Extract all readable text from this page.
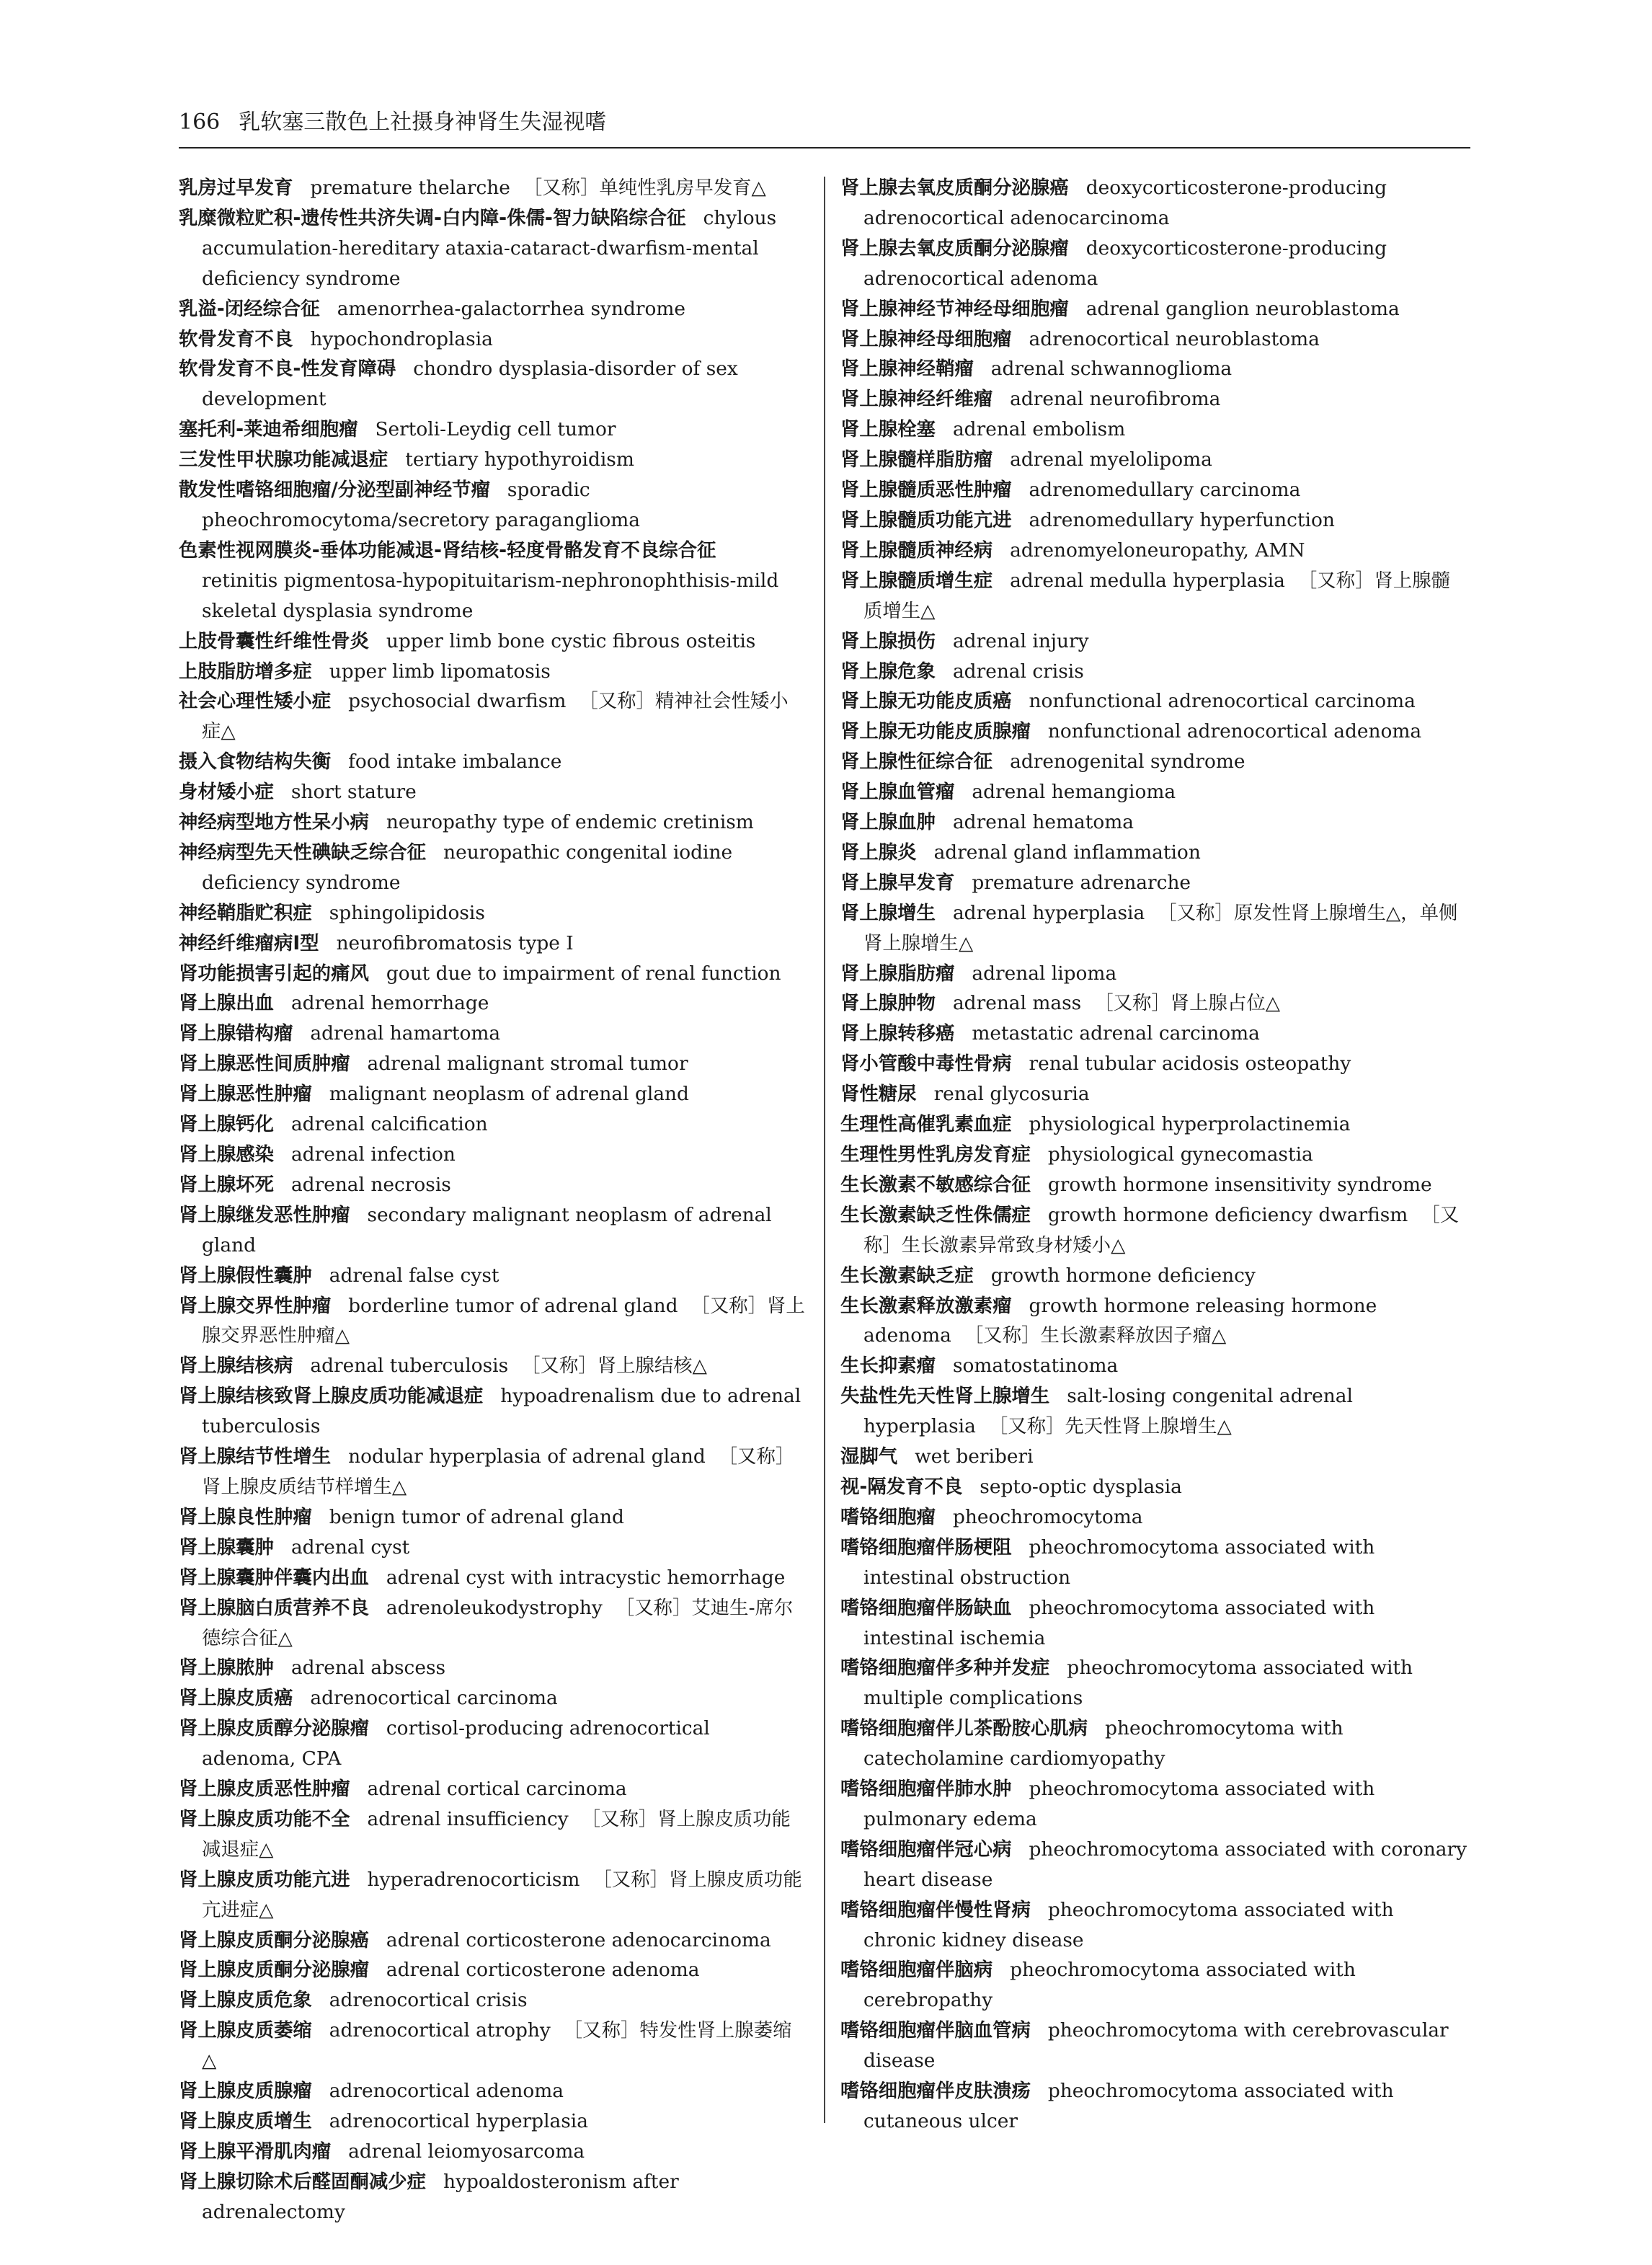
166 乳软塞三散色上社摄身神肾生失湿视嗜

乳房过早发育 premature thelarche ［又称］单纯性乳房早发育△

乳糜微粒贮积-遗传性共济失调-白内障-侏儒-智力缺陷综合征 chylous accumulation-hereditary ataxia-cataract-dwarfism-mental deficiency syndrome

乳溢-闭经综合征 amenorrhea-galactorrhea syndrome

软骨发育不良 hypochondroplasia

软骨发育不良-性发育障碍 chondro dysplasia-disorder of sex development

塞托利-莱迪希细胞瘤 Sertoli-Leydig cell tumor

三发性甲状腺功能减退症 tertiary hypothyroidism

散发性嗜铬细胞瘤/分泌型副神经节瘤 sporadic pheochromocytoma/secretory paraganglioma

色素性视网膜炎-垂体功能减退-肾结核-轻度骨骼发育不良综合征retinitis pigmentosa-hypopituitarism-nephronophthisis-mild skeletal dysplasia syndrome

上肢骨囊性纤维性骨炎 upper limb bone cystic fibrous osteitis

上肢脂肪增多症 upper limb lipomatosis

社会心理性矮小症 psychosocial dwarfism ［又称］精神社会性矮小症△

摄入食物结构失衡 food intake imbalance

身材矮小症 short stature

神经病型地方性呆小病 neuropathy type of endemic cretinism

神经病型先天性碘缺乏综合征 neuropathic congenital iodine deficiency syndrome

神经鞘脂贮积症 sphingolipidosis

神经纤维瘤病Ⅰ型 neurofibromatosis type Ⅰ

肾功能损害引起的痛风 gout due to impairment of renal function

肾上腺出血 adrenal hemorrhage

肾上腺错构瘤 adrenal hamartoma

肾上腺恶性间质肿瘤 adrenal malignant stromal tumor

肾上腺恶性肿瘤 malignant neoplasm of adrenal gland

肾上腺钙化 adrenal calcification

肾上腺感染 adrenal infection

肾上腺坏死 adrenal necrosis

肾上腺继发恶性肿瘤 secondary malignant neoplasm of adrenal gland

肾上腺假性囊肿 adrenal false cyst

肾上腺交界性肿瘤 borderline tumor of adrenal gland ［又称］肾上腺交界恶性肿瘤△

肾上腺结核病 adrenal tuberculosis ［又称］肾上腺结核△

肾上腺结核致肾上腺皮质功能减退症 hypoadrenalism due to adrenal tuberculosis

肾上腺结节性增生 nodular hyperplasia of adrenal gland ［又称］肾上腺皮质结节样增生△

肾上腺良性肿瘤 benign tumor of adrenal gland

肾上腺囊肿 adrenal cyst

肾上腺囊肿伴囊内出血 adrenal cyst with intracystic hemorrhage

肾上腺脑白质营养不良 adrenoleukodystrophy ［又称］艾迪生-席尔德综合征△

肾上腺脓肿 adrenal abscess

肾上腺皮质癌 adrenocortical carcinoma

肾上腺皮质醇分泌腺瘤 cortisol-producing adrenocortical adenoma, CPA

肾上腺皮质恶性肿瘤 adrenal cortical carcinoma

肾上腺皮质功能不全 adrenal insufficiency ［又称］肾上腺皮质功能减退症△

肾上腺皮质功能亢进 hyperadrenocorticism ［又称］肾上腺皮质功能亢进症△

肾上腺皮质酮分泌腺癌 adrenal corticosterone adenocarcinoma

肾上腺皮质酮分泌腺瘤 adrenal corticosterone adenoma

肾上腺皮质危象 adrenocortical crisis

肾上腺皮质萎缩 adrenocortical atrophy ［又称］特发性肾上腺萎缩△

肾上腺皮质腺瘤 adrenocortical adenoma

肾上腺皮质增生 adrenocortical hyperplasia

肾上腺平滑肌肉瘤 adrenal leiomyosarcoma

肾上腺切除术后醛固酮减少症 hypoaldosteronism after adrenalectomy

肾上腺去氧皮质酮分泌腺癌 deoxycorticosterone-producing adrenocortical adenocarcinoma

肾上腺去氧皮质酮分泌腺瘤 deoxycorticosterone-producing adrenocortical adenoma

肾上腺神经节神经母细胞瘤 adrenal ganglion neuroblastoma

肾上腺神经母细胞瘤 adrenocortical neuroblastoma

肾上腺神经鞘瘤 adrenal schwannoglioma

肾上腺神经纤维瘤 adrenal neurofibroma

肾上腺栓塞 adrenal embolism

肾上腺髓样脂肪瘤 adrenal myelolipoma

肾上腺髓质恶性肿瘤 adrenomedullary carcinoma

肾上腺髓质功能亢进 adrenomedullary hyperfunction

肾上腺髓质神经病 adrenomyeloneuropathy, AMN

肾上腺髓质增生症 adrenal medulla hyperplasia ［又称］肾上腺髓质增生△

肾上腺损伤 adrenal injury

肾上腺危象 adrenal crisis

肾上腺无功能皮质癌 nonfunctional adrenocortical carcinoma

肾上腺无功能皮质腺瘤 nonfunctional adrenocortical adenoma

肾上腺性征综合征 adrenogenital syndrome

肾上腺血管瘤 adrenal hemangioma

肾上腺血肿 adrenal hematoma

肾上腺炎 adrenal gland inflammation

肾上腺早发育 premature adrenarche

肾上腺增生 adrenal hyperplasia ［又称］原发性肾上腺增生△，单侧肾上腺增生△

肾上腺脂肪瘤 adrenal lipoma

肾上腺肿物 adrenal mass ［又称］肾上腺占位△

肾上腺转移癌 metastatic adrenal carcinoma

肾小管酸中毒性骨病 renal tubular acidosis osteopathy

肾性糖尿 renal glycosuria

生理性高催乳素血症 physiological hyperprolactinemia

生理性男性乳房发育症 physiological gynecomastia

生长激素不敏感综合征 growth hormone insensitivity syndrome

生长激素缺乏性侏儒症 growth hormone deficiency dwarfism ［又称］生长激素异常致身材矮小△

生长激素缺乏症 growth hormone deficiency

生长激素释放激素瘤 growth hormone releasing hormone adenoma ［又称］生长激素释放因子瘤△

生长抑素瘤 somatostatinoma

失盐性先天性肾上腺增生 salt-losing congenital adrenal hyperplasia ［又称］先天性肾上腺增生△

湿脚气 wet beriberi

视-隔发育不良 septo-optic dysplasia

嗜铬细胞瘤 pheochromocytoma

嗜铬细胞瘤伴肠梗阻 pheochromocytoma associated with intestinal obstruction

嗜铬细胞瘤伴肠缺血 pheochromocytoma associated with intestinal ischemia

嗜铬细胞瘤伴多种并发症 pheochromocytoma associated with multiple complications

嗜铬细胞瘤伴儿茶酚胺心肌病 pheochromocytoma with catecholamine cardiomyopathy

嗜铬细胞瘤伴肺水肿 pheochromocytoma associated with pulmonary edema

嗜铬细胞瘤伴冠心病 pheochromocytoma associated with coronary heart disease

嗜铬细胞瘤伴慢性肾病 pheochromocytoma associated with chronic kidney disease

嗜铬细胞瘤伴脑病 pheochromocytoma associated with cerebropathy

嗜铬细胞瘤伴脑血管病 pheochromocytoma with cerebrovascular disease

嗜铬细胞瘤伴皮肤溃疡 pheochromocytoma associated with cutaneous ulcer
